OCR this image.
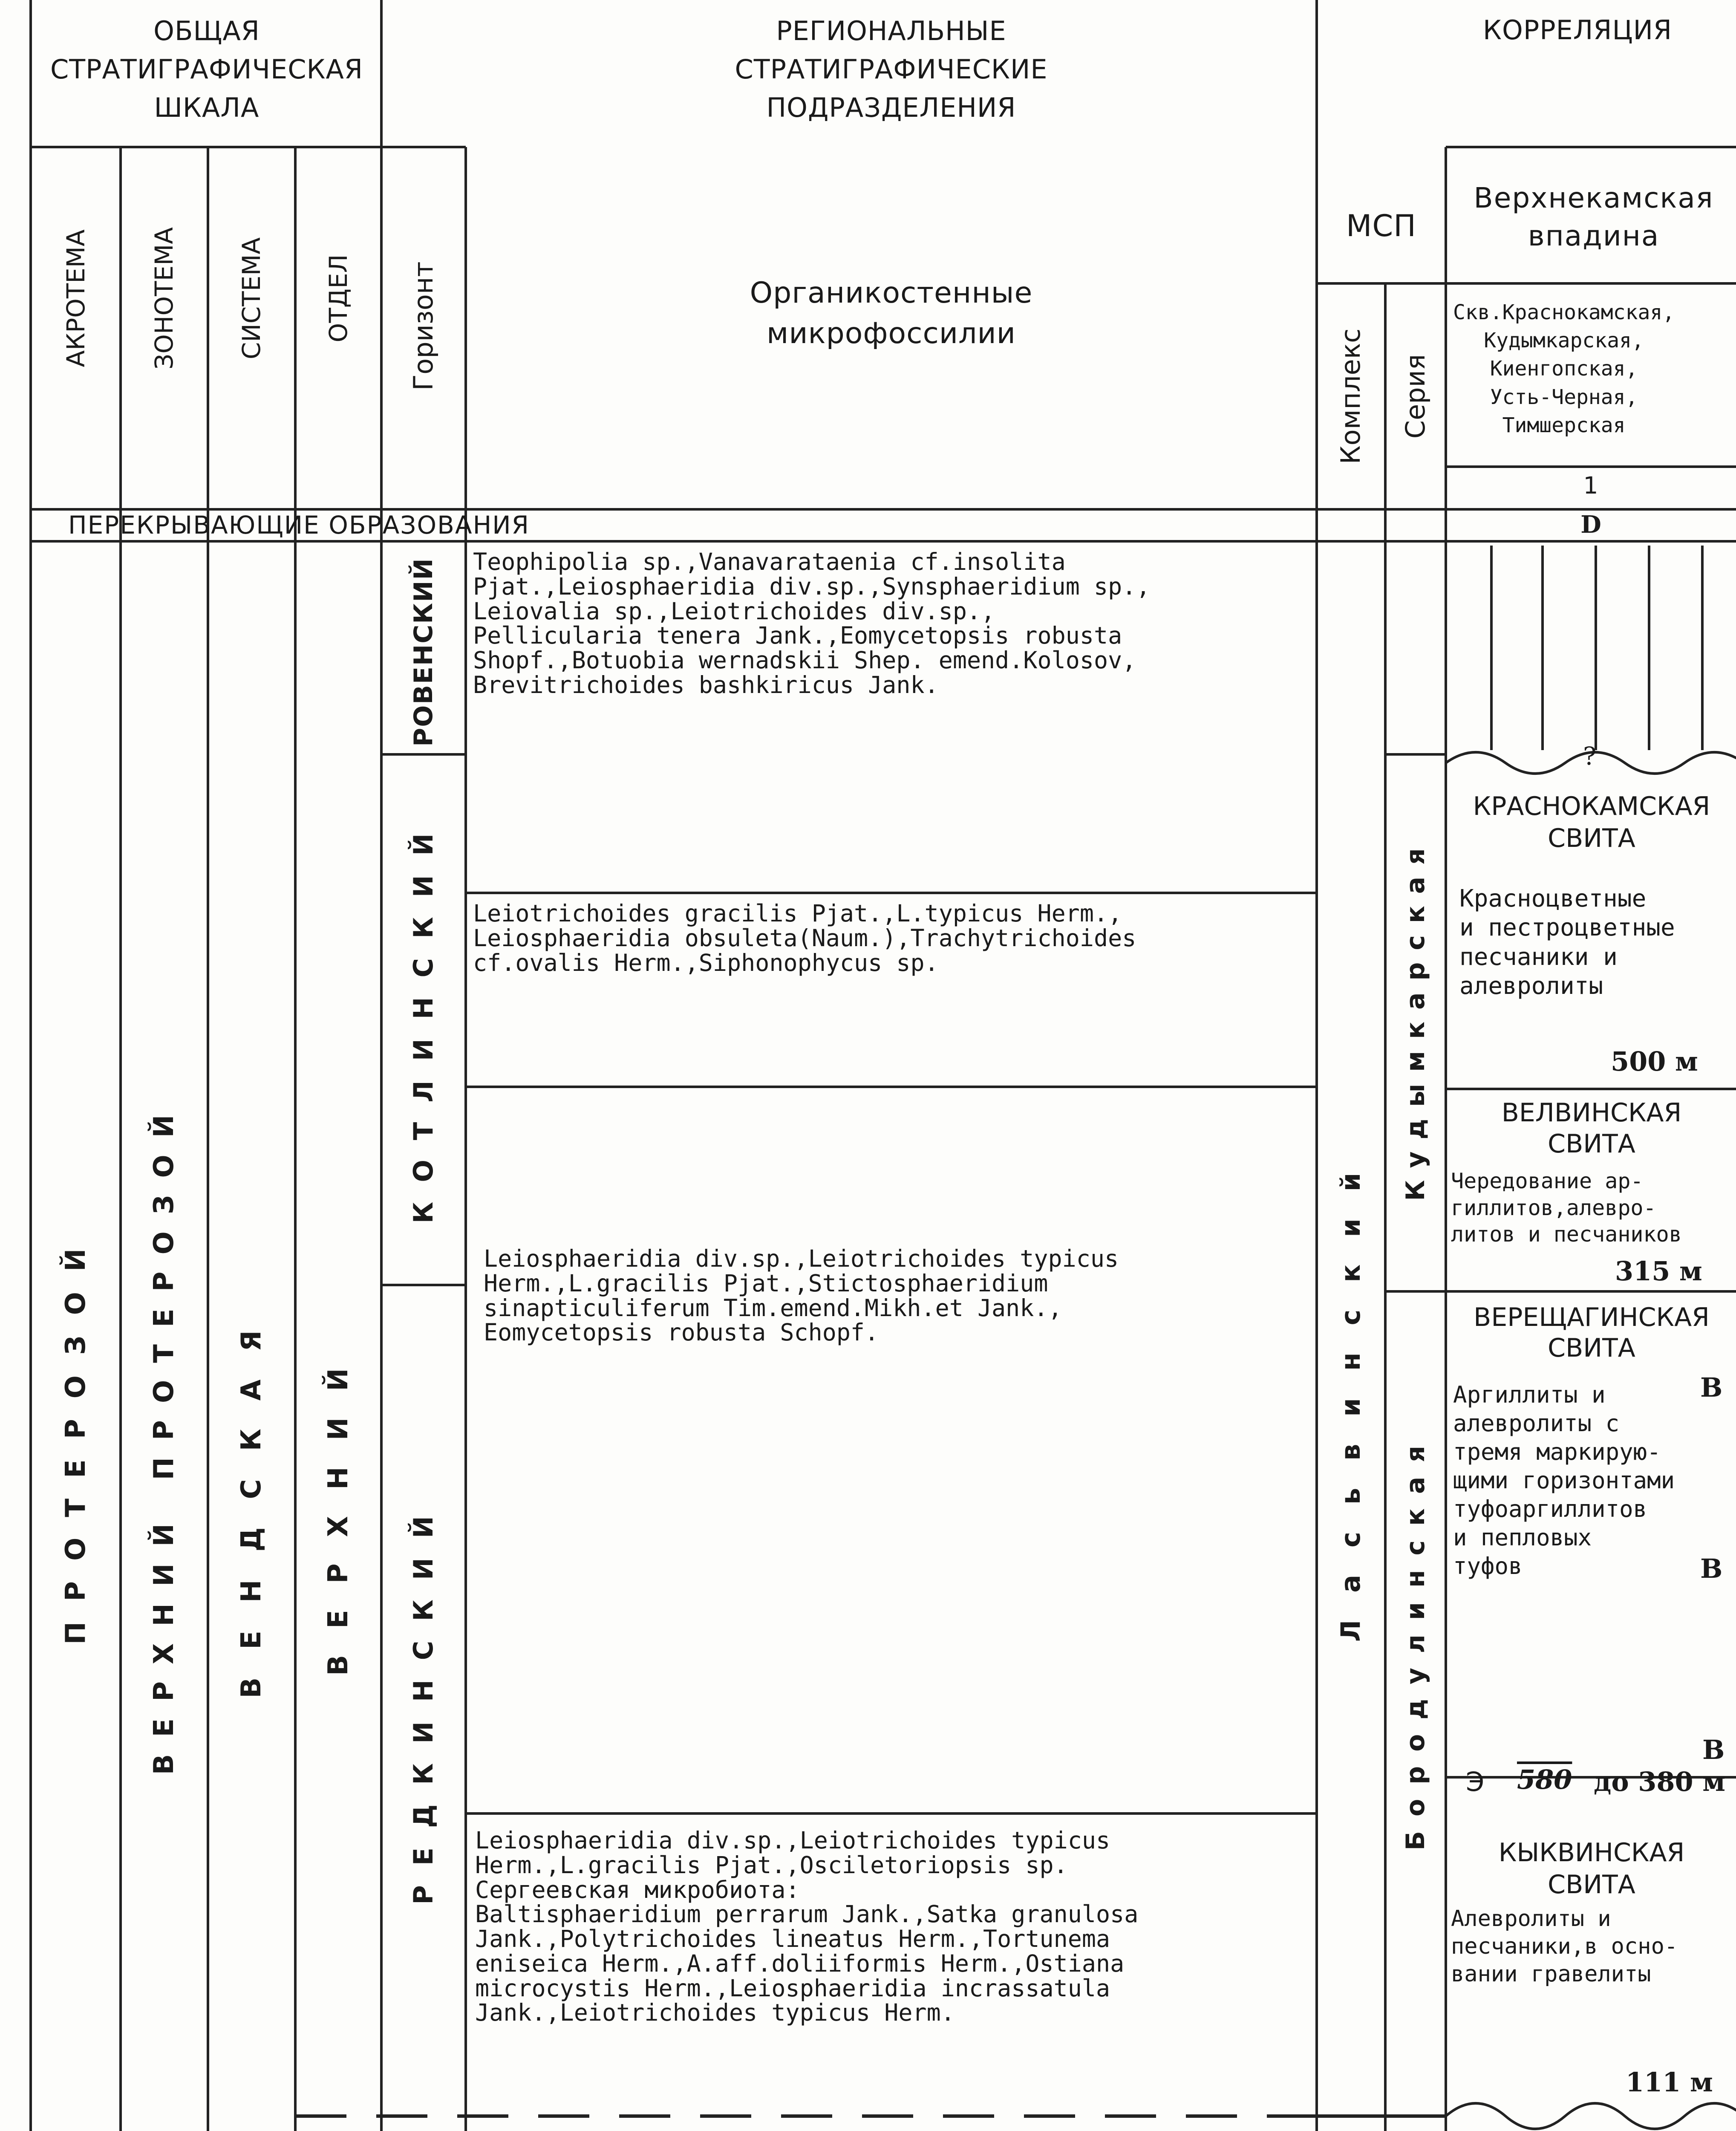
ОБЩАЯ
СТРАТИГРАФИЧЕСКАЯ
ШКАЛА
РЕГИОНАЛЬНЫЕ
СТРАТИГРАФИЧЕСКИЕ
ПОДРАЗДЕЛЕНИЯ
КОРРЕЛЯЦИЯ
МСП
Верхнекамская
впадина
Скв.Краснокамская,
Кудымкарская,
Киенгопская,
Усть-Черная,
Тимшерская
1
Органикостенные
микрофоссилии
АКРОТЕМА ЗОНОТЕМА СИСТЕМА ОТДЕЛ Горизонт
Комплекс Серия
ПЕРЕКРЫВАЮЩИЕ ОБРАЗОВАНИЯ	D
ПРОТЕРОЗОЙ ВЕРХНИЙ ПРОТЕРОЗОЙ ВЕНДСКАЯ ВЕРХНИЙ
РОВЕНСКИЙ
КОТЛИНСКИЙ
РЕДКИНСКИЙ
Ласьвинский
Кудымкарская
Бородулинская
Teophipolia sp.,Vanavarataenia cf.insolita
Pjat.,Leiosphaeridia div.sp.,Synsphaeridium sp.,
Leiovalia sp.,Leiotrichoides div.sp.,
Pellicularia tenera Jank.,Eomycetopsis robusta
Shopf.,Botuobia wernadskii Shep. emend.Kolosov,
Brevitrichoides bashkiricus Jank.
Leiotrichoides gracilis Pjat.,L.typicus Herm.,
Leiosphaeridia obsuleta(Naum.),Trachytrichoides
cf.ovalis Herm.,Siphonophycus sp.
Leiosphaeridia div.sp.,Leiotrichoides typicus
Herm.,L.gracilis Pjat.,Stictosphaeridium
sinapticuliferum Tim.emend.Mikh.et Jank.,
Eomycetopsis robusta Schopf.
Leiosphaeridia div.sp.,Leiotrichoides typicus
Herm.,L.gracilis Pjat.,Osciletoriopsis sp.
Сергеевская микробиота:
Baltisphaeridium perrarum Jank.,Satka granulosa
Jank.,Polytrichoides lineatus Herm.,Tortunema
eniseica Herm.,A.aff.doliiformis Herm.,Ostiana
microcystis Herm.,Leiosphaeridia incrassatula
Jank.,Leiotrichoides typicus Herm.
?
КРАСНОКАМСКАЯ
СВИТА
Красноцветные
и пестроцветные
песчаники и
алевролиты
500 м
ВЕЛВИНСКАЯ
СВИТА
Чередование ар-
гиллитов,алевро-
литов и песчаников
315 м
ВЕРЕЩАГИНСКАЯ
СВИТА
Аргиллиты и
алевролиты с
тремя маркирую-
щими горизонтами
туфоаргиллитов
и пепловых
туфов
В
В
В
Э 580 до 380 м
КЫКВИНСКАЯ
СВИТА
Алевролиты и
песчаники,в осно-
вании гравелиты
111 м
